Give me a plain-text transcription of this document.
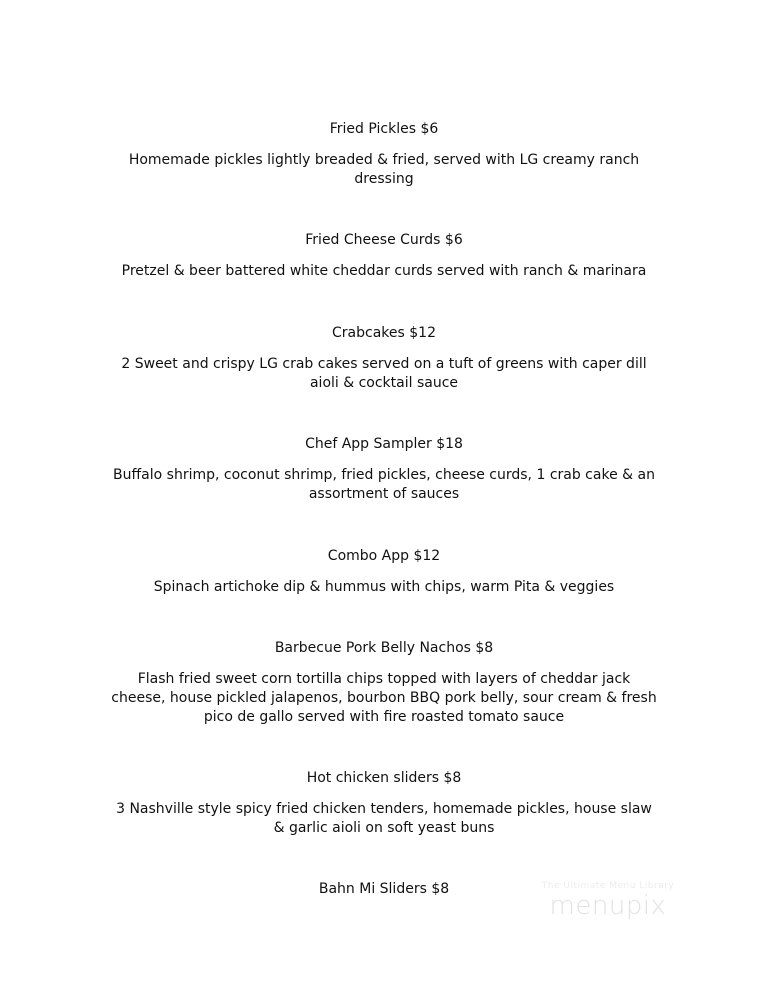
Fried Pickles $6

Homemade pickles lightly breaded & fried, served with LG creamy ranch dressing

Fried Cheese Curds $6

Pretzel & beer battered white cheddar curds served with ranch & marinara

Crabcakes $12

2 Sweet and crispy LG crab cakes served on a tuft of greens with caper dill aioli & cocktail sauce

Chef App Sampler $18

Buffalo shrimp, coconut shrimp, fried pickles, cheese curds, 1 crab cake & an assortment of sauces

Combo App $12

Spinach artichoke dip & hummus with chips, warm Pita & veggies

Barbecue Pork Belly Nachos $8

Flash fried sweet corn tortilla chips topped with layers of cheddar jack cheese, house pickled jalapenos, bourbon BBQ pork belly, sour cream & fresh pico de gallo served with fire roasted tomato sauce

Hot chicken sliders $8

3 Nashville style spicy fried chicken tenders, homemade pickles, house slaw & garlic aioli on soft yeast buns

Bahn Mi Sliders $8	The Ultimate Menu Library
menupix
